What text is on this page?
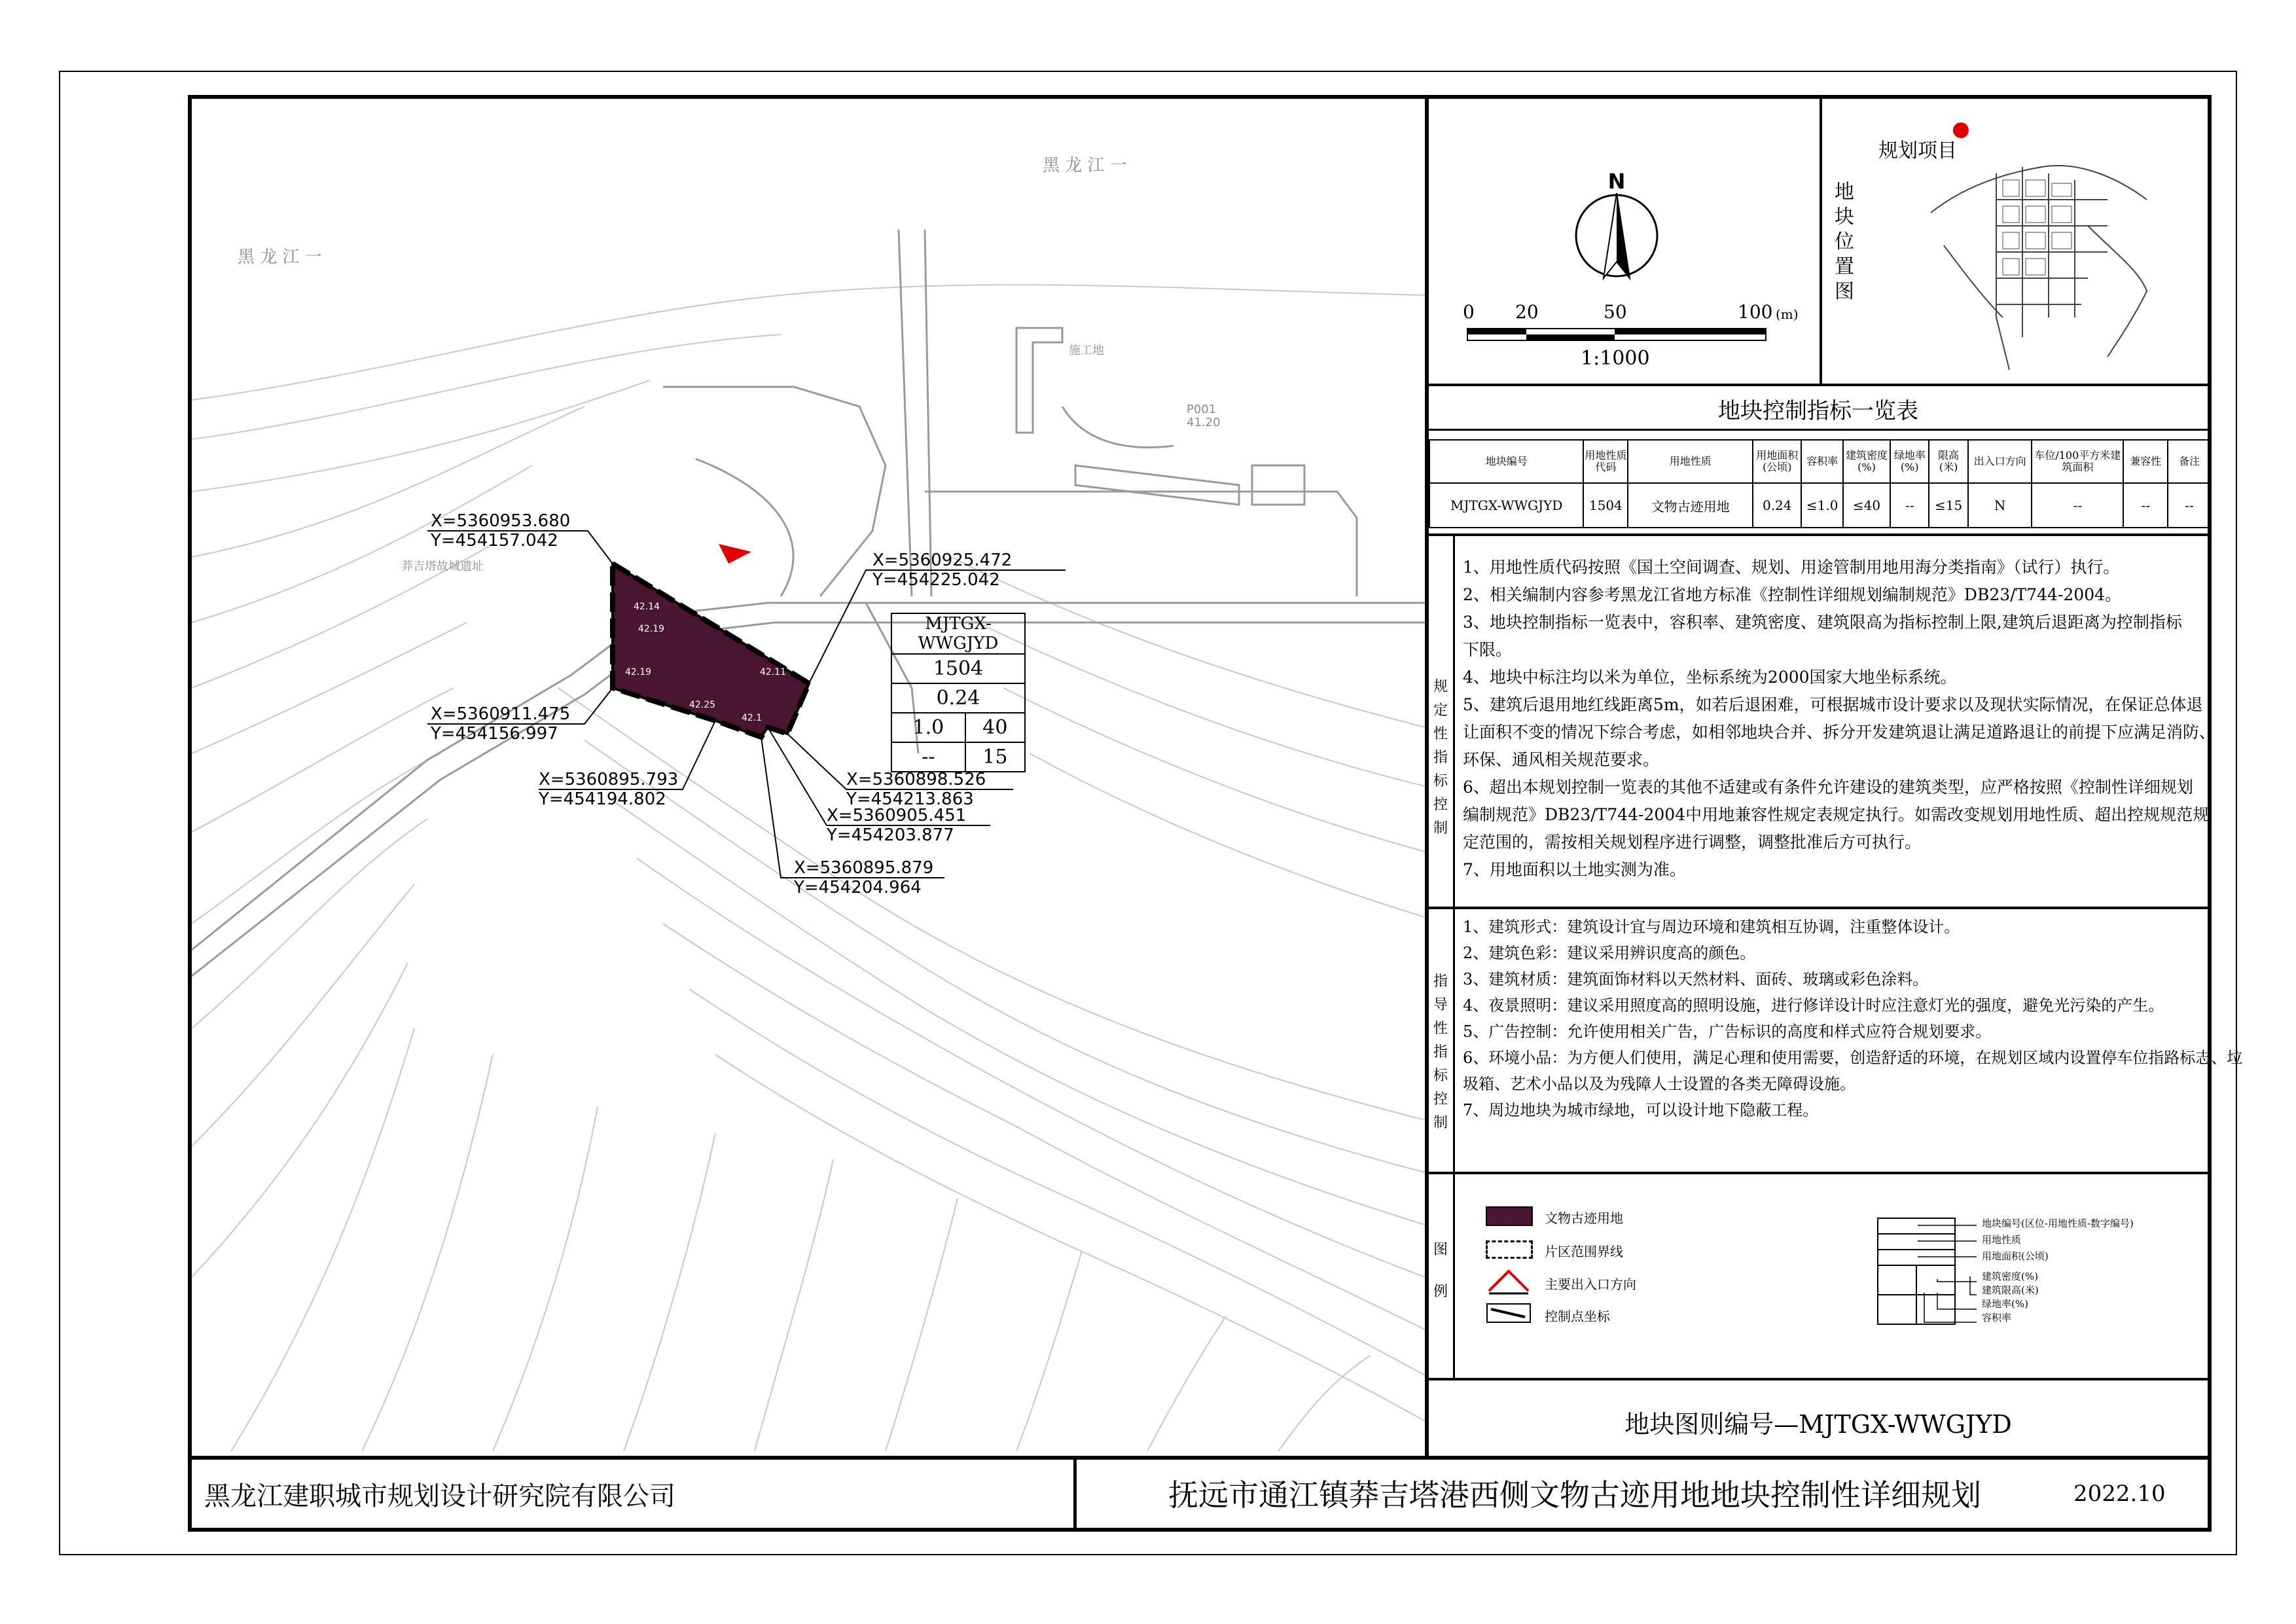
黑 龙 江 一
黑 龙 江 一
莽吉塔故城遗址
施工地
P001
41.20
42.14
42.16
42.19
42.00
42.11
42.25
42.19
42.1
X=5360953.680
Y=454157.042
X=5360925.472
Y=454225.042
X=5360911.475
Y=454156.997
X=5360895.793
Y=454194.802
X=5360898.526
Y=454213.863
X=5360905.451
Y=454203.877
X=5360895.879
Y=454204.964
MJTGX-WWGJYD	
1504	
0.24	
1.0	40
--	15
N
0 20	50	100 (m)
1:1000
地
块
位
置
图
规划项目
地块控制指标一览表
地块编号	用地性质代码	用地性质	用地面积(公顷)	容积率	建筑密度(%)	绿地率(%)	限高(米)	出入口方向	车位/100平方米建筑面积	兼容性	备注
MJTGX-WWGJYD	1504	文物古迹用地	0.24	≤1.0	≤40	--	≤15	N	--	--	--
规
定
性
指
标
控
制
1、用地性质代码按照《国土空间调查、规划、用途管制用地用海分类指南》（试行）执行。
2、相关编制内容参考黑龙江省地方标准《控制性详细规划编制规范》DB23/T744-2004。
3、地块控制指标一览表中，容积率、建筑密度、建筑限高为指标控制上限,建筑后退距离为控制指标
下限。
4、地块中标注均以米为单位，坐标系统为2000国家大地坐标系统。
5、建筑后退用地红线距离5m，如若后退困难，可根据城市设计要求以及现状实际情况，在保证总体退
让面积不变的情况下综合考虑，如相邻地块合并、拆分开发建筑退让满足道路退让的前提下应满足消防、
环保、通风相关规范要求。
6、超出本规划控制一览表的其他不适建或有条件允许建设的建筑类型，应严格按照《控制性详细规划
编制规范》DB23/T744-2004中用地兼容性规定表规定执行。如需改变规划用地性质、超出控规规范规
定范围的，需按相关规划程序进行调整，调整批准后方可执行。
7、用地面积以土地实测为准。
指
导
性
指
标
控
制
1、建筑形式：建筑设计宜与周边环境和建筑相互协调，注重整体设计。
2、建筑色彩：建议采用辨识度高的颜色。
3、建筑材质：建筑面饰材料以天然材料、面砖、玻璃或彩色涂料。
4、夜景照明：建议采用照度高的照明设施，进行修详设计时应注意灯光的强度，避免光污染的产生。
5、广告控制：允许使用相关广告，广告标识的高度和样式应符合规划要求。
6、环境小品：为方便人们使用，满足心理和使用需要，创造舒适的环境，在规划区域内设置停车位指路标志、垃
圾箱、艺术小品以及为残障人士设置的各类无障碍设施。
7、周边地块为城市绿地，可以设计地下隐蔽工程。
图
例
文物古迹用地
片区范围界线
主要出入口方向
控制点坐标

地块编号(区位-用地性质-数字编号)
用地性质
用地面积(公顷)
建筑密度(%)
建筑限高(米)
绿地率(%)
容积率
地块图则编号—MJTGX-WWGJYD
黑龙江建职城市规划设计研究院有限公司	抚远市通江镇莽吉塔港西侧文物古迹用地地块控制性详细规划	2022.10
